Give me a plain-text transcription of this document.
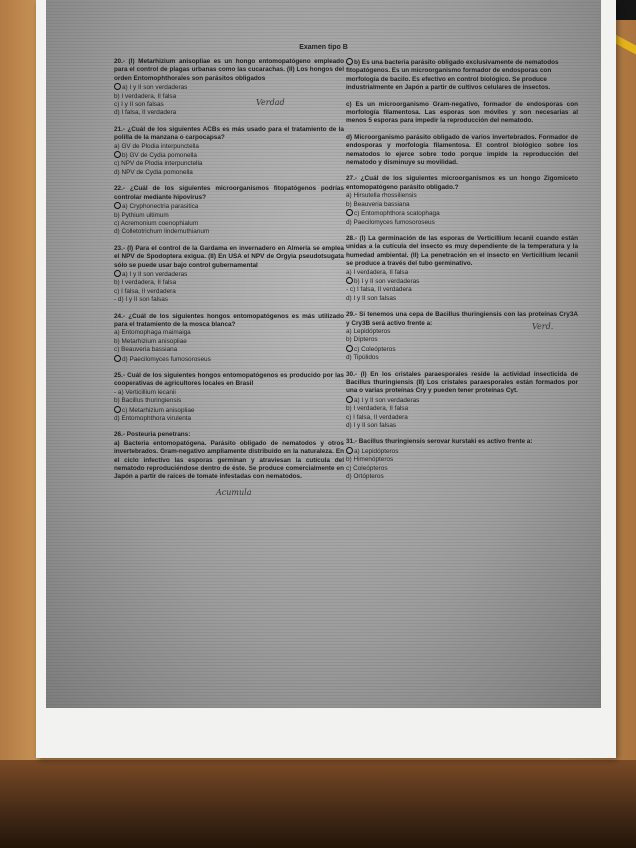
Examen tipo B
20.- (I) Metarhizium anisopliae es un hongo entomopatógeno empleado para el control de plagas urbanas como las cucarachas. (II) Los hongos del orden Entomophthorales son parásitos obligados
a) I y II son verdaderas
b) I verdadera, II falsa
c) I y II son falsas
d) I falsa, II verdadera
21.- ¿Cuál de los siguientes ACBs es más usado para el tratamiento de la polilla de la manzana o carpocapsa?
a) GV de Plodia interpunctella
b) GV de Cydia pomonella
c) NPV de Plodia interpunctella
d) NPV de Cydia pomonella
22.- ¿Cuál de los siguientes microorganismos fitopatógenos podrías controlar mediante hipovirus?
a) Cryphonectria parasitica
b) Pythium ultimum
c) Acremonium coenophialum
d) Colletotrichum lindemuthianum
23.- (I) Para el control de la Gardama en invernadero en Almería se emplea el NPV de Spodoptera exigua. (II) En USA el NPV de Orgyia pseudotsugata sólo se puede usar bajo control gubernamental
a) I y II son verdaderas
b) I verdadera, II falsa
c) I falsa, II verdadera
- d) I y II son falsas
24.- ¿Cuál de los siguientes hongos entomopatógenos es más utilizado para el tratamiento de la mosca blanca?
a) Entomophaga maimaiga
b) Metarhizium anisopliae
c) Beauveria bassiana
d) Paecilomyces fumosoroseus
25.- Cuál de los siguientes hongos entomopatógenos es producido por las cooperativas de agricultores locales en Brasil
- a) Verticillium lecanii
b) Bacillus thuringiensis
c) Metarhizium anisopliae
d) Entomophthora virulenta
26.- Posteuria penetrans:
a) Bacteria entomopatógena. Parásito obligado de nematodos y otros invertebrados. Gram-negativo ampliamente distribuido en la naturaleza. En el ciclo infectivo las esporas germinan y atraviesan la cutícula del nematodo reproduciéndose dentro de éste. Se produce comercialmente en Japón a partir de raíces de tomate infestadas con nematodos.
b) Es una bacteria parásito obligado exclusivamente de nematodos fitopatógenos. Es un microorganismo formador de endosporas con morfología de bacilo. Es efectivo en control biológico. Se produce industrialmente en Japón a partir de cultivos celulares de insectos.
c) Es un microorganismo Gram-negativo, formador de endosporas con morfología filamentosa. Las esporas son móviles y son necesarias al menos 5 esporas para impedir la reproducción del nematodo.
d) Microorganismo parásito obligado de varios invertebrados. Formador de endosporas y morfología filamentosa. El control biológico sobre los nematodos lo ejerce sobre todo porque impide la reproducción del nematodo y disminuye su movilidad.
27.- ¿Cuál de los siguientes microorganismos es un hongo Zigomiceto entomopatógeno parásito obligado.?
a) Hirsutella rhossiliensis
b) Beauveria bassiana
c) Entomophthora scatophaga
d) Paecilomyces fumosoroseus
28.- (I) La germinación de las esporas de Verticillium lecanii cuando están unidas a la cutícula del insecto es muy dependiente de la temperatura y la humedad ambiental. (II) La penetración en el insecto en Verticillium lecanii se produce a través del tubo germinativo.
a) I verdadera, II falsa
b) I y II son verdaderas
- c) I falsa, II verdadera
d) I y II son falsas
29.- Si tenemos una cepa de Bacillus thuringiensis con las proteínas Cry3A y Cry3B será activo frente a:
a) Lepidópteros
b) Dípteros
c) Coleópteros
d) Tipúlidos
30.- (I) En los cristales paraesporales reside la actividad insecticida de Bacillus thuringiensis (II) Los cristales paraesporales están formados por una o varias proteínas Cry y pueden tener proteínas Cyt.
a) I y II son verdaderas
b) I verdadera, II falsa
c) I falsa, II verdadera
d) I y II son falsas
31.- Bacillus thuringiensis serovar kurstaki es activo frente a:
a) Lepidópteros
b) Himenópteros
c) Coleópteros
d) Ortópteros
Verdad
Verd.
Acumula
